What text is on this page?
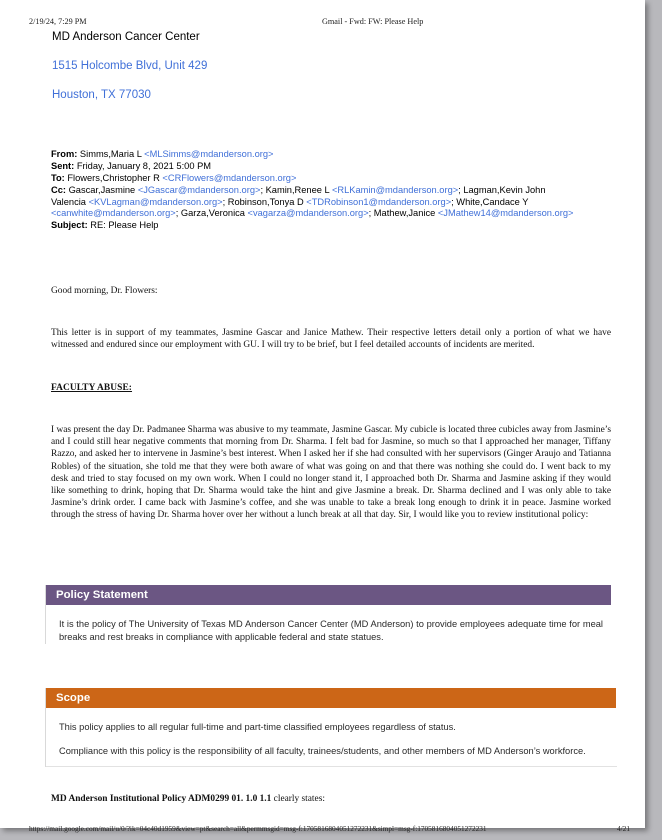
2/19/24, 7:29 PM	Gmail - Fwd: FW: Please Help
MD Anderson Cancer Center
1515 Holcombe Blvd, Unit 429
Houston, TX 77030
From: Simms,Maria L <MLSimms@mdanderson.org>
Sent: Friday, January 8, 2021 5:00 PM
To: Flowers,Christopher R <CRFlowers@mdanderson.org>
Cc: Gascar,Jasmine <JGascar@mdanderson.org>; Kamin,Renee L <RLKamin@mdanderson.org>; Lagman,Kevin John Valencia <KVLagman@mdanderson.org>; Robinson,Tonya D <TDRobinson1@mdanderson.org>; White,Candace Y <canwhite@mdanderson.org>; Garza,Veronica <vagarza@mdanderson.org>; Mathew,Janice <JMathew14@mdanderson.org>
Subject: RE: Please Help

Good morning, Dr. Flowers:

This letter is in support of my teammates, Jasmine Gascar and Janice Mathew. Their respective letters detail only a portion of what we have witnessed and endured since our employment with GU. I will try to be brief, but I feel detailed accounts of incidents are merited.

FACULTY ABUSE:

I was present the day Dr. Padmanee Sharma was abusive to my teammate, Jasmine Gascar. My cubicle is located three cubicles away from Jasmine’s and I could still hear negative comments that morning from Dr. Sharma. I felt bad for Jasmine, so much so that I approached her manager, Tiffany Razzo, and asked her to intervene in Jasmine’s best interest. When I asked her if she had consulted with her supervisors (Ginger Araujo and Tatianna Robles) of the situation, she told me that they were both aware of what was going on and that there was nothing she could do. I went back to my desk and tried to stay focused on my own work. When I could no longer stand it, I approached both Dr. Sharma and Jasmine asking if they would like something to drink, hoping that Dr. Sharma would take the hint and give Jasmine a break. Dr. Sharma declined and I was only able to take Jasmine’s drink order. I came back with Jasmine’s coffee, and she was unable to take a break long enough to drink it in peace. Jasmine worked through the stress of having Dr. Sharma hover over her without a lunch break at all that day. Sir, I would like you to review institutional policy:

Policy Statement

It is the policy of The University of Texas MD Anderson Cancer Center (MD Anderson) to provide employees adequate time for meal breaks and rest breaks in compliance with applicable federal and state statues.

Scope

This policy applies to all regular full-time and part-time classified employees regardless of status.

Compliance with this policy is the responsibility of all faculty, trainees/students, and other members of MD Anderson’s workforce.

MD Anderson Institutional Policy ADM0299 01. 1.0 1.1 clearly states:
https://mail.google.com/mail/u/0/?ik=04c40d1959&view=pt&search=all&permmsgid=msg-f:1705816804051272231&simpl=msg-f:1705816804051272231	4/21
